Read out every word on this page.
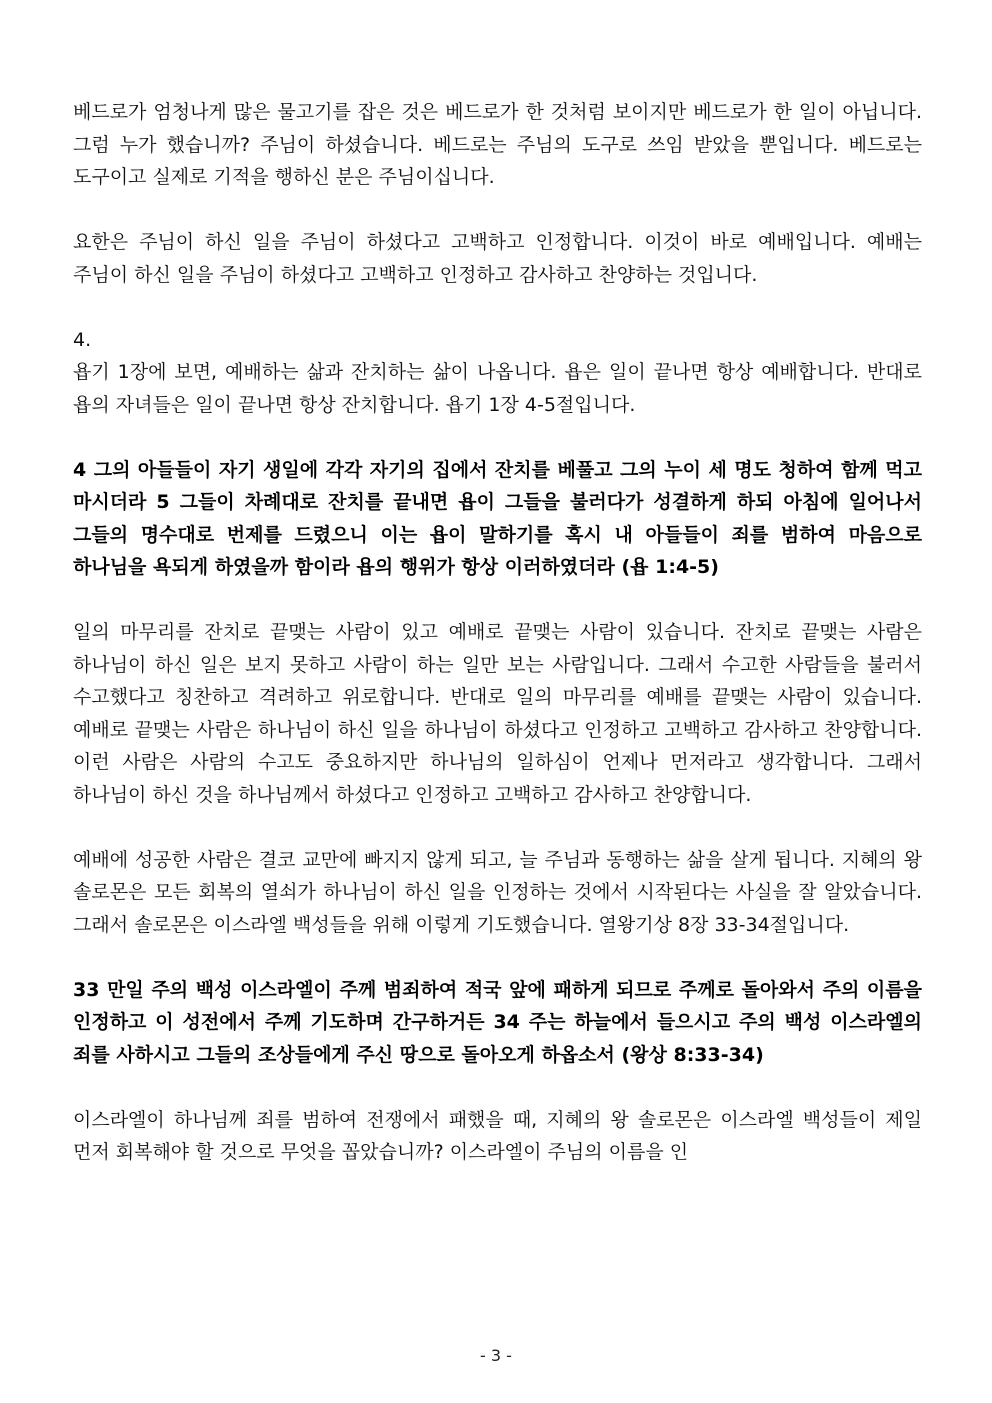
베드로가 엄청나게 많은 물고기를 잡은 것은 베드로가 한 것처럼 보이지만 베드로가 한 일이 아닙니다. 그럼 누가 했습니까? 주님이 하셨습니다. 베드로는 주님의 도구로 쓰임 받았을 뿐입니다. 베드로는 도구이고 실제로 기적을 행하신 분은 주님이십니다.

요한은 주님이 하신 일을 주님이 하셨다고 고백하고 인정합니다. 이것이 바로 예배입니다. 예배는 주님이 하신 일을 주님이 하셨다고 고백하고 인정하고 감사하고 찬양하는 것입니다.

4.

욥기 1장에 보면, 예배하는 삶과 잔치하는 삶이 나옵니다. 욥은 일이 끝나면 항상 예배합니다. 반대로 욥의 자녀들은 일이 끝나면 항상 잔치합니다. 욥기 1장 4-5절입니다.

4 그의 아들들이 자기 생일에 각각 자기의 집에서 잔치를 베풀고 그의 누이 세 명도 청하여 함께 먹고 마시더라 5 그들이 차례대로 잔치를 끝내면 욥이 그들을 불러다가 성결하게 하되 아침에 일어나서 그들의 명수대로 번제를 드렸으니 이는 욥이 말하기를 혹시 내 아들들이 죄를 범하여 마음으로 하나님을 욕되게 하였을까 함이라 욥의 행위가 항상 이러하였더라 (욥 1:4-5)

일의 마무리를 잔치로 끝맺는 사람이 있고 예배로 끝맺는 사람이 있습니다. 잔치로 끝맺는 사람은 하나님이 하신 일은 보지 못하고 사람이 하는 일만 보는 사람입니다. 그래서 수고한 사람들을 불러서 수고했다고 칭찬하고 격려하고 위로합니다. 반대로 일의 마무리를 예배를 끝맺는 사람이 있습니다. 예배로 끝맺는 사람은 하나님이 하신 일을 하나님이 하셨다고 인정하고 고백하고 감사하고 찬양합니다. 이런 사람은 사람의 수고도 중요하지만 하나님의 일하심이 언제나 먼저라고 생각합니다. 그래서 하나님이 하신 것을 하나님께서 하셨다고 인정하고 고백하고 감사하고 찬양합니다.

예배에 성공한 사람은 결코 교만에 빠지지 않게 되고, 늘 주님과 동행하는 삶을 살게 됩니다. 지혜의 왕 솔로몬은 모든 회복의 열쇠가 하나님이 하신 일을 인정하는 것에서 시작된다는 사실을 잘 알았습니다. 그래서 솔로몬은 이스라엘 백성들을 위해 이렇게 기도했습니다. 열왕기상 8장 33-34절입니다.

33 만일 주의 백성 이스라엘이 주께 범죄하여 적국 앞에 패하게 되므로 주께로 돌아와서 주의 이름을 인정하고 이 성전에서 주께 기도하며 간구하거든 34 주는 하늘에서 들으시고 주의 백성 이스라엘의 죄를 사하시고 그들의 조상들에게 주신 땅으로 돌아오게 하옵소서 (왕상 8:33-34)

이스라엘이 하나님께 죄를 범하여 전쟁에서 패했을 때, 지혜의 왕 솔로몬은 이스라엘 백성들이 제일 먼저 회복해야 할 것으로 무엇을 꼽았습니까? 이스라엘이 주님의 이름을 인

- 3 -
